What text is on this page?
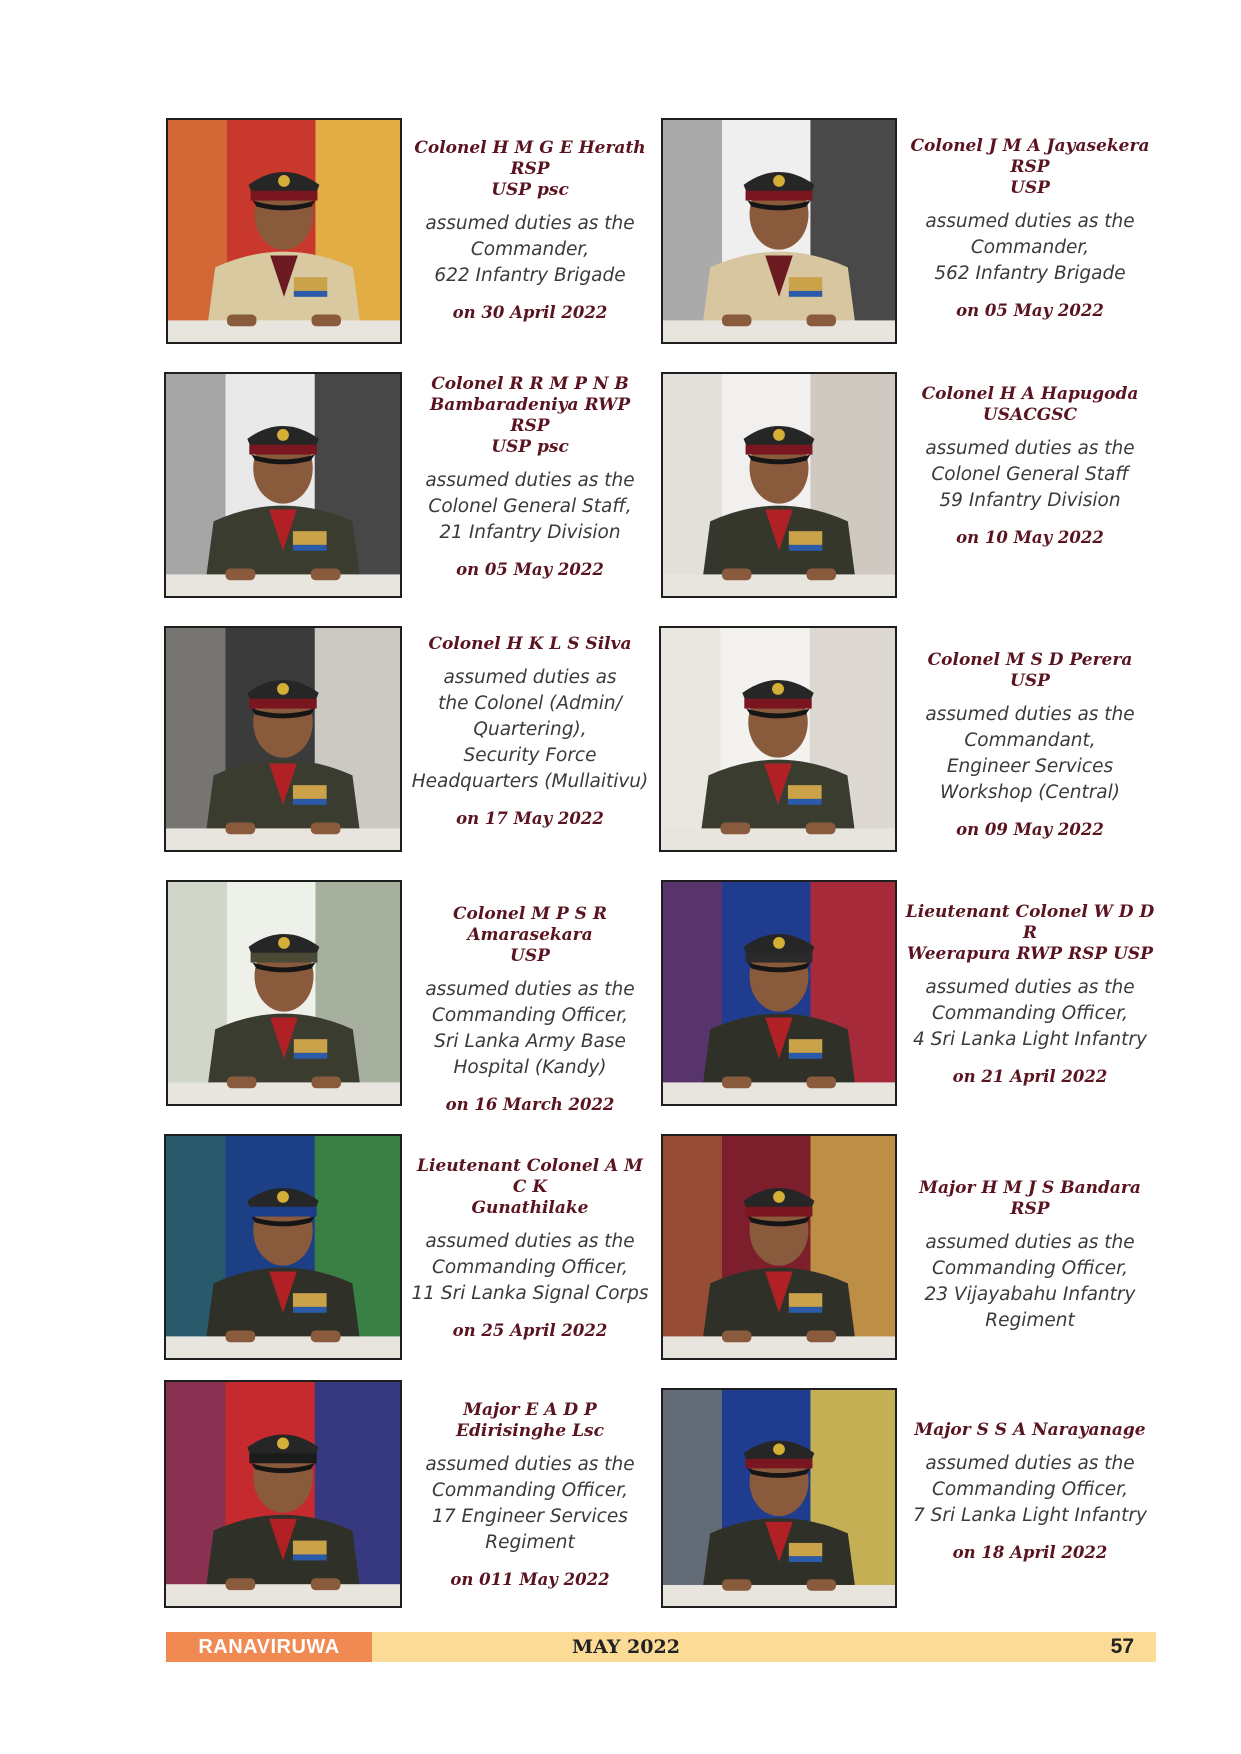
Colonel H M G E Herath RSP
USP psc
assumed duties as the
Commander,
622 Infantry Brigade
on 30 April 2022
Colonel J M A Jayasekera RSP
USP
assumed duties as the
Commander,
562 Infantry Brigade
on 05 May 2022
Colonel R R M P N B
Bambaradeniya RWP RSP
USP psc
assumed duties as the
Colonel General Staff,
21 Infantry Division
on 05 May 2022
Colonel H A Hapugoda
USACGSC
assumed duties as the
Colonel General Staff
59 Infantry Division
on 10 May 2022
Colonel H K L S Silva
assumed duties as
the Colonel (Admin/
Quartering),
Security Force
Headquarters (Mullaitivu)
on 17 May 2022
Colonel M S D Perera USP
assumed duties as the
Commandant,
Engineer Services
Workshop (Central)
on 09 May 2022
Colonel M P S R Amarasekara
USP
assumed duties as the
Commanding Officer,
Sri Lanka Army Base
Hospital (Kandy)
on 16 March 2022
Lieutenant Colonel W D D R
Weerapura RWP RSP USP
assumed duties as the
Commanding Officer,
4 Sri Lanka Light Infantry
on 21 April 2022
Lieutenant Colonel A M C K
Gunathilake
assumed duties as the
Commanding Officer,
11 Sri Lanka Signal Corps
on 25 April 2022
Major H M J S Bandara RSP
assumed duties as the
Commanding Officer,
23 Vijayabahu Infantry
Regiment
Major E A D P Edirisinghe Lsc
assumed duties as the
Commanding Officer,
17 Engineer Services
Regiment
on 011 May 2022
Major S S A Narayanage
assumed duties as the
Commanding Officer,
7 Sri Lanka Light Infantry
on 18 April 2022
RANAVIRUWA	MAY 2022	57
